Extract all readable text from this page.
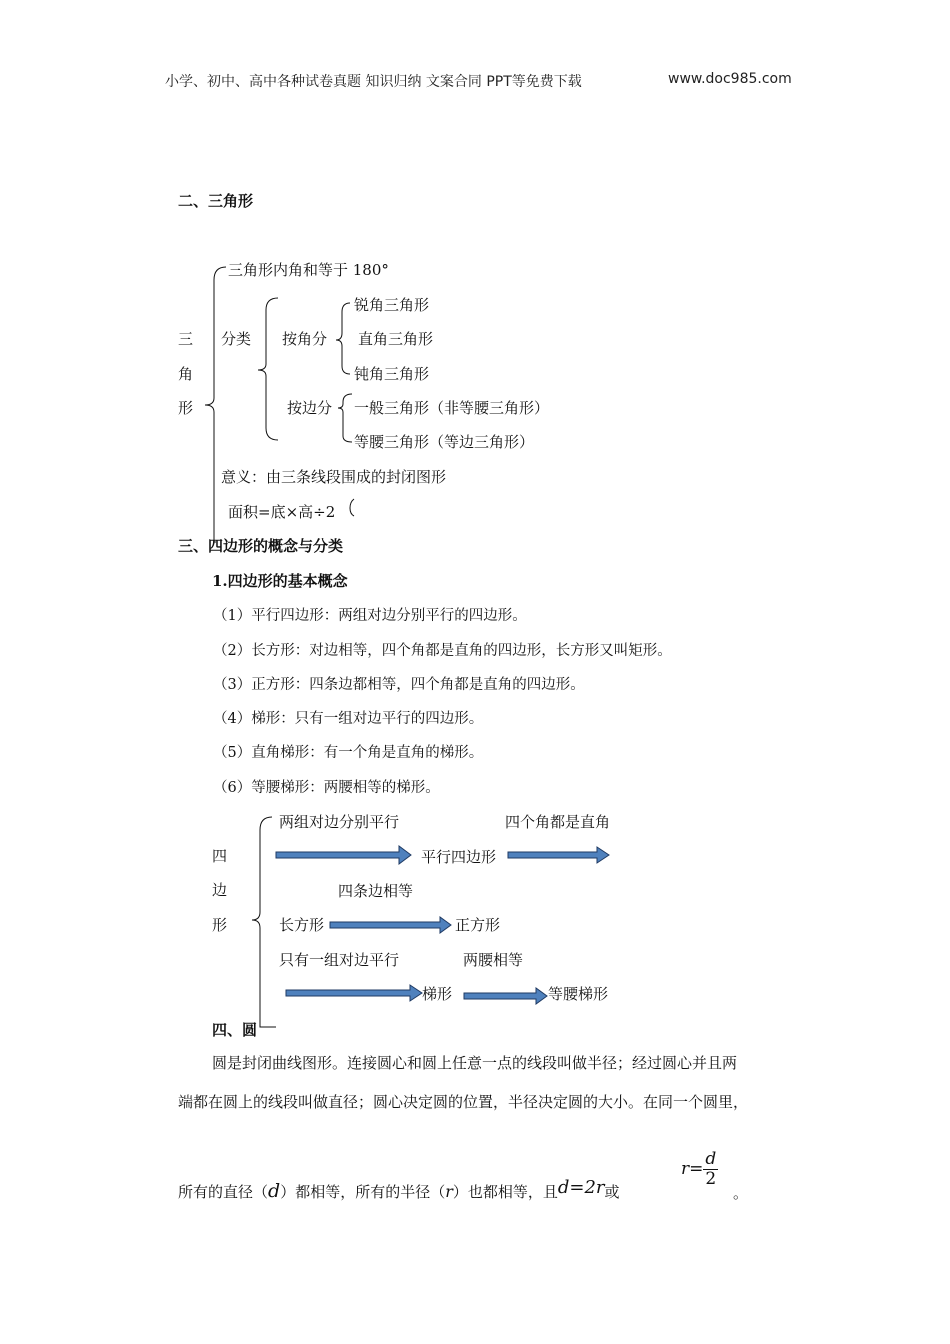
小学、初中、高中各种试卷真题 知识归纳 文案合同 PPT等免费下载	www.doc985.com
二、三角形
三
角
形
三角形内角和等于 180°
分类 按角分
锐角三角形
直角三角形
钝角三角形
按边分 一般三角形（非等腰三角形）
等腰三角形（等边三角形）
意义：由三条线段围成的封闭图形
面积=底×高÷2
三、四边形的概念与分类
1.四边形的基本概念
（1）平行四边形：两组对边分别平行的四边形。
（2）长方形：对边相等，四个角都是直角的四边形，长方形又叫矩形。
（3）正方形：四条边都相等，四个角都是直角的四边形。
（4）梯形：只有一组对边平行的四边形。
（5）直角梯形：有一个角是直角的梯形。
（6）等腰梯形：两腰相等的梯形。
四
边
形
两组对边分别平行	四个角都是直角
平行四边形
四条边相等
长方形	正方形
只有一组对边平行	两腰相等
梯形	等腰梯形
四、圆
圆是封闭曲线图形。连接圆心和圆上任意一点的线段叫做半径；经过圆心并且两
端都在圆上的线段叫做直径；圆心决定圆的位置，半径决定圆的大小。在同一个圆里，
所有的直径（d）都相等，所有的半径（r）也都相等，且d=2r或
$r= \frac{d}{2}$
。
